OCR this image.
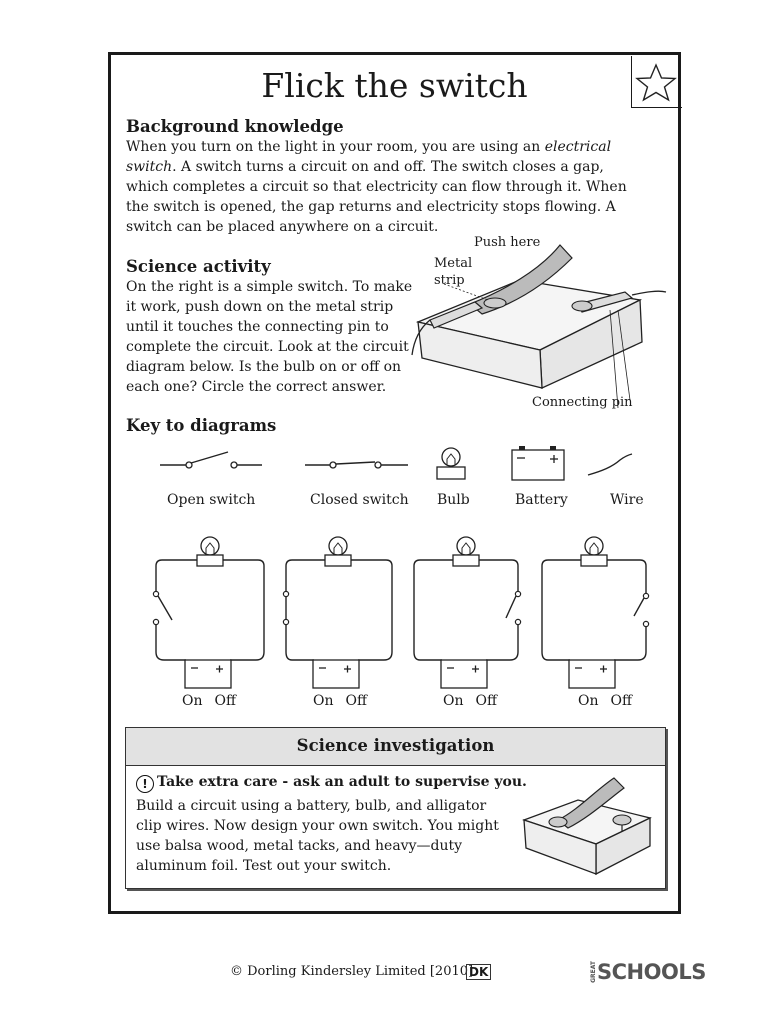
Flick the switch
Background knowledge

When you turn on the light in your room, you are using an electrical switch. A switch turns a circuit on and off. The switch closes a gap, which completes a circuit so that electricity can flow through it. When the switch is opened, the gap returns and electricity stops flowing. A switch can be placed anywhere on a circuit.

Science activity

On the right is a simple switch. To make it work, push down on the metal strip until it touches the connecting pin to complete the circuit. Look at the circuit diagram below. Is the bulb on or off on each one? Circle the correct answer.

Push here
Metal
strip
Connecting pin
Key to diagrams
Open switch	Closed switch Bulb	Battery	Wire
On Off	On Off	On Off	On Off
Science investigation
! Take extra care - ask an adult to supervise you.

Build a circuit using a battery, bulb, and alligator clip wires. Now design your own switch. You might use balsa wood, metal tacks, and heavy—duty aluminum foil. Test out your switch.

© Dorling Kindersley Limited [2010]
DK	GREATSCHOOLS
